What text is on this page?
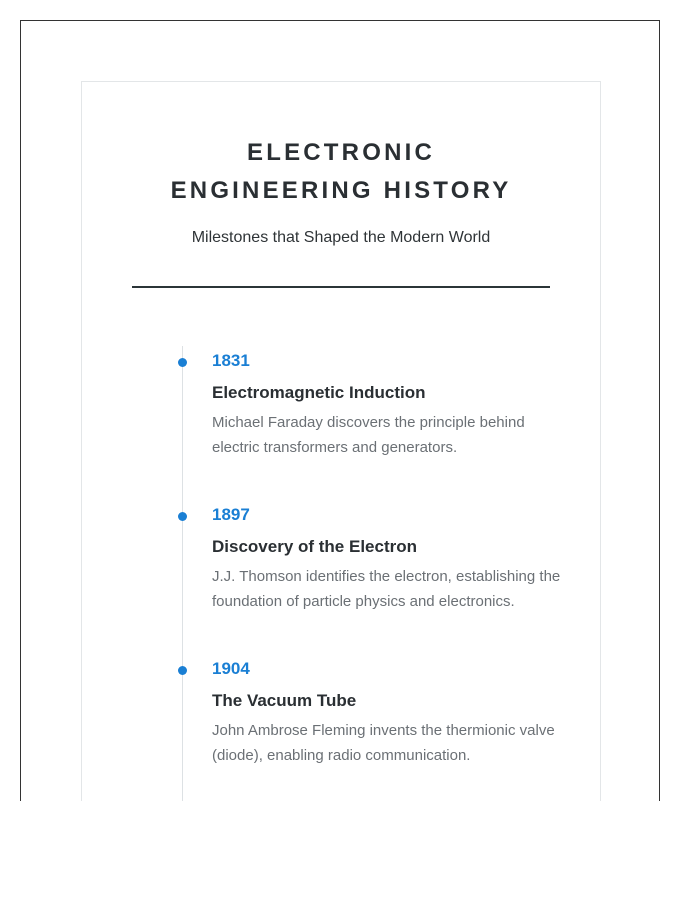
ELECTRONIC ENGINEERING HISTORY

Milestones that Shaped the Modern World

1831

Electromagnetic Induction

Michael Faraday discovers the principle behind electric transformers and generators.

1897

Discovery of the Electron

J.J. Thomson identifies the electron, establishing the foundation of particle physics and electronics.

1904

The Vacuum Tube

John Ambrose Fleming invents the thermionic valve (diode), enabling radio communication.
